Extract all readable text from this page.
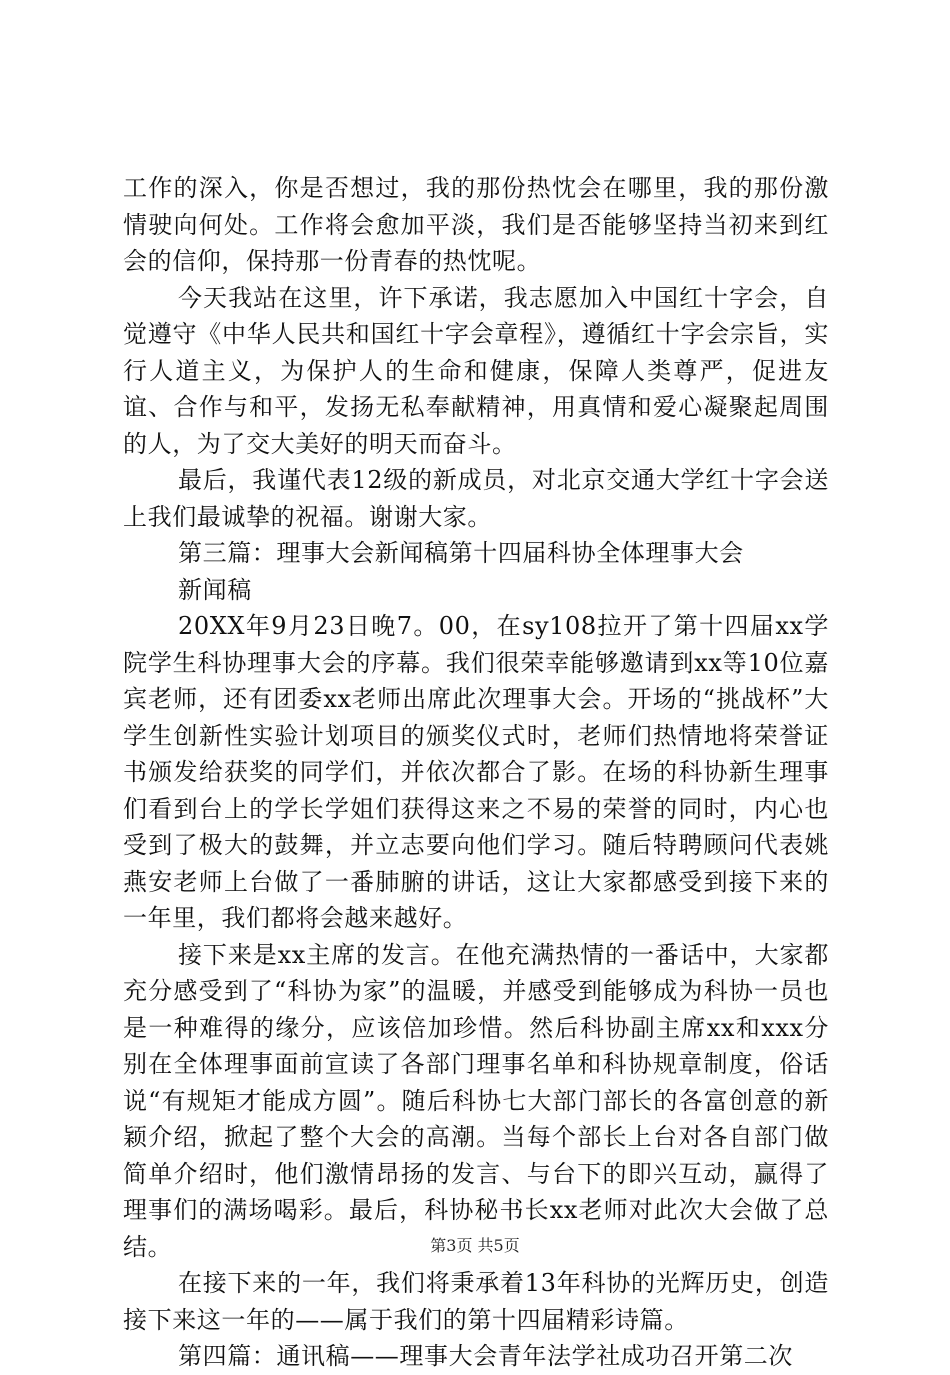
工作的深入，你是否想过，我的那份热忱会在哪里，我的那份激情驶向何处。工作将会愈加平淡，我们是否能够坚持当初来到红会的信仰，保持那一份青春的热忱呢。

今天我站在这里，许下承诺，我志愿加入中国红十字会，自觉遵守《中华人民共和国红十字会章程》，遵循红十字会宗旨，实行人道主义，为保护人的生命和健康，保障人类尊严，促进友谊、合作与和平，发扬无私奉献精神，用真情和爱心凝聚起周围的人，为了交大美好的明天而奋斗。

最后，我谨代表12级的新成员，对北京交通大学红十字会送上我们最诚挚的祝福。谢谢大家。

第三篇：理事大会新闻稿第十四届科协全体理事大会

新闻稿

20XX年9月23日晚7。00，在sy108拉开了第十四届xx学院学生科协理事大会的序幕。我们很荣幸能够邀请到xx等10位嘉宾老师，还有团委xx老师出席此次理事大会。开场的“挑战杯”大学生创新性实验计划项目的颁奖仪式时，老师们热情地将荣誉证书颁发给获奖的同学们，并依次都合了影。在场的科协新生理事们看到台上的学长学姐们获得这来之不易的荣誉的同时，内心也受到了极大的鼓舞，并立志要向他们学习。随后特聘顾问代表姚燕安老师上台做了一番肺腑的讲话，这让大家都感受到接下来的一年里，我们都将会越来越好。

接下来是xx主席的发言。在他充满热情的一番话中，大家都充分感受到了“科协为家”的温暖，并感受到能够成为科协一员也是一种难得的缘分，应该倍加珍惜。然后科协副主席xx和xxx分别在全体理事面前宣读了各部门理事名单和科协规章制度，俗话说“有规矩才能成方圆”。随后科协七大部门部长的各富创意的新颖介绍，掀起了整个大会的高潮。当每个部长上台对各自部门做简单介绍时，他们激情昂扬的发言、与台下的即兴互动，赢得了理事们的满场喝彩。最后，科协秘书长xx老师对此次大会做了总结。

在接下来的一年，我们将秉承着13年科协的光辉历史，创造接下来这一年的——属于我们的第十四届精彩诗篇。

第四篇：通讯稿——理事大会青年法学社成功召开第二次

第3页 共5页
